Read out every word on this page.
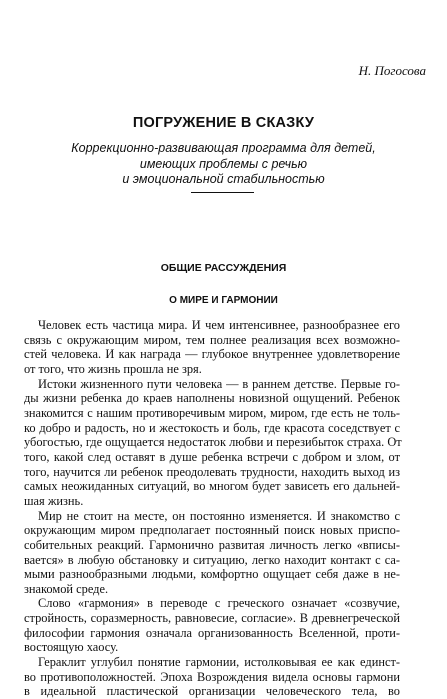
Н. Погосова
ПОГРУЖЕНИЕ В СКАЗКУ
Коррекционно-развивающая программа для детей,
имеющих проблемы с речью
и эмоциональной стабильностью
ОБЩИЕ РАССУЖДЕНИЯ
О МИРЕ И ГАРМОНИИ
Человек есть частица мира. И чем интенсивнее, разнообразнее его
связь с окружающим миром, тем полнее реализация всех возможно-
стей человека. И как награда — глубокое внутреннее удовлетворение
от того, что жизнь прошла не зря.
Истоки жизненного пути человека — в раннем детстве. Первые го-
ды жизни ребенка до краев наполнены новизной ощущений. Ребенок
знакомится с нашим противоречивым миром, миром, где есть не толь-
ко добро и радость, но и жестокость и боль, где красота соседствует с
убогостью, где ощущается недостаток любви и перезибыток страха. От
того, какой след оставят в душе ребенка встречи с добром и злом, от
того, научится ли ребенок преодолевать трудности, находить выход из
самых неожиданных ситуаций, во многом будет зависеть его дальней-
шая жизнь.
Мир не стоит на месте, он постоянно изменяется. И знакомство с
окружающим миром предполагает постоянный поиск новых приспо-
собительных реакций. Гармонично развитая личность легко «вписы-
вается» в любую обстановку и ситуацию, легко находит контакт с са-
мыми разнообразными людьми, комфортно ощущает себя даже в не-
знакомой среде.
Слово «гармония» в переводе с греческого означает «созвучие,
стройность, соразмерность, равновесие, согласие». В древнегреческой
философии гармония означала организованность Вселенной, проти-
востоящую хаосу.
Гераклит углубил понятие гармонии, истолковывая ее как единст-
во противоположностей. Эпоха Возрождения видела основы гармони
в идеальной пластической организации человеческого тела, во
